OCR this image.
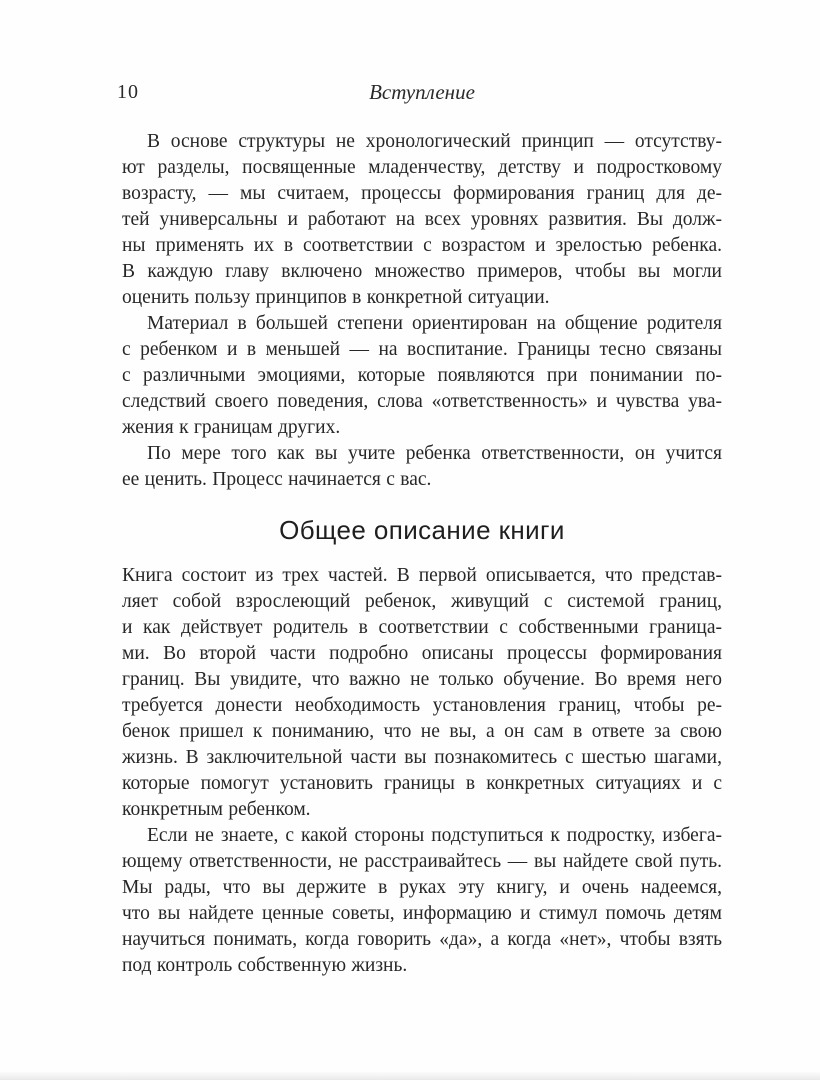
10	Вступление
В основе структуры не хронологический принцип — отсутству-
ют разделы, посвященные младенчеству, детству и подростковому
возрасту, — мы считаем, процессы формирования границ для де-
тей универсальны и работают на всех уровнях развития. Вы долж-
ны применять их в соответствии с возрастом и зрелостью ребенка.
В каждую главу включено множество примеров, чтобы вы могли
оценить пользу принципов в конкретной ситуации.
Материал в большей степени ориентирован на общение родителя
с ребенком и в меньшей — на воспитание. Границы тесно связаны
с различными эмоциями, которые появляются при понимании по-
следствий своего поведения, слова «ответственность» и чувства ува-
жения к границам других.
По мере того как вы учите ребенка ответственности, он учится
ее ценить. Процесс начинается с вас.
Общее описание книги
Книга состоит из трех частей. В первой описывается, что представ-
ляет собой взрослеющий ребенок, живущий с системой границ,
и как действует родитель в соответствии с собственными граница-
ми. Во второй части подробно описаны процессы формирования
границ. Вы увидите, что важно не только обучение. Во время него
требуется донести необходимость установления границ, чтобы ре-
бенок пришел к пониманию, что не вы, а он сам в ответе за свою
жизнь. В заключительной части вы познакомитесь с шестью шагами,
которые помогут установить границы в конкретных ситуациях и с
конкретным ребенком.
Если не знаете, с какой стороны подступиться к подростку, избега-
ющему ответственности, не расстраивайтесь — вы найдете свой путь.
Мы рады, что вы держите в руках эту книгу, и очень надеемся,
что вы найдете ценные советы, информацию и стимул помочь детям
научиться понимать, когда говорить «да», а когда «нет», чтобы взять
под контроль собственную жизнь.
